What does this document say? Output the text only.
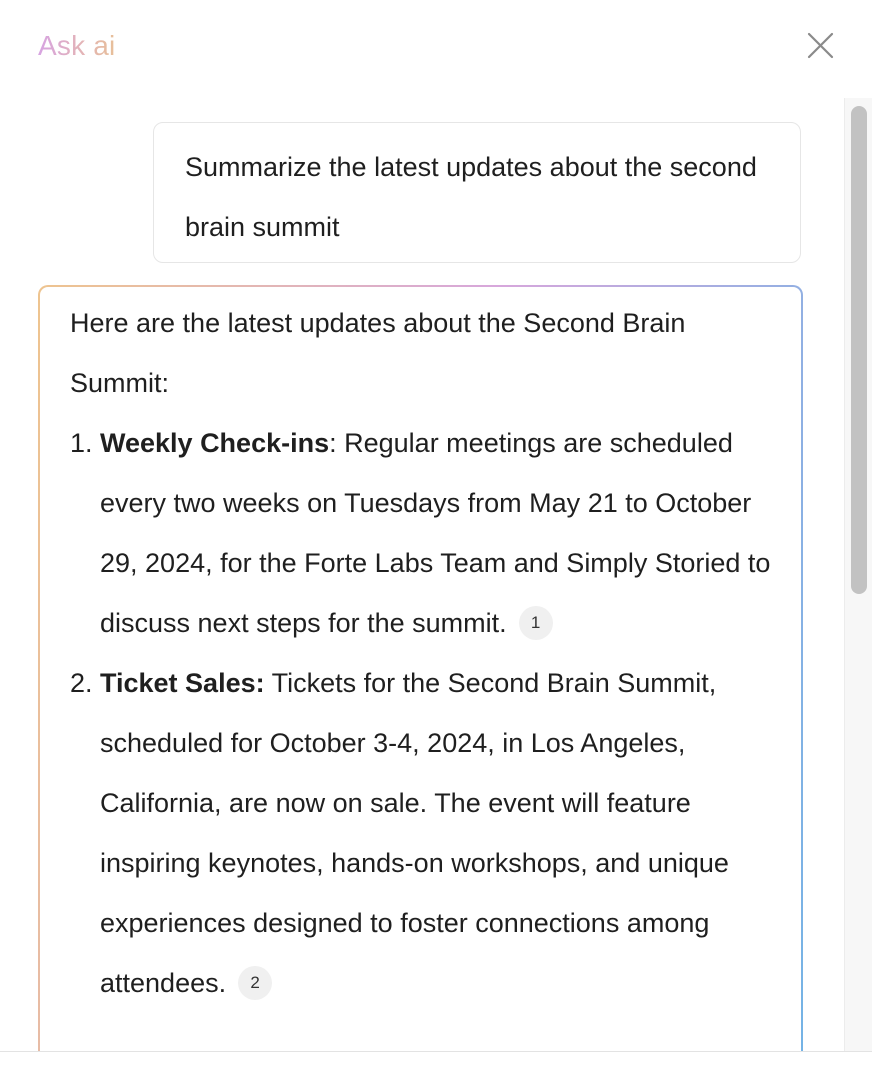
Ask ai
Summarize the latest updates about the second brain summit

Here are the latest updates about the Second Brain Summit:

1. Weekly Check-ins: Regular meetings are scheduled every two weeks on Tuesdays from May 21 to October 29, 2024, for the Forte Labs Team and Simply Storied to discuss next steps for the summit. 1
2. Ticket Sales: Tickets for the Second Brain Summit, scheduled for October 3-4, 2024, in Los Angeles, California, are now on sale. The event will feature inspiring keynotes, hands-on workshops, and unique experiences designed to foster connections among attendees. 2
